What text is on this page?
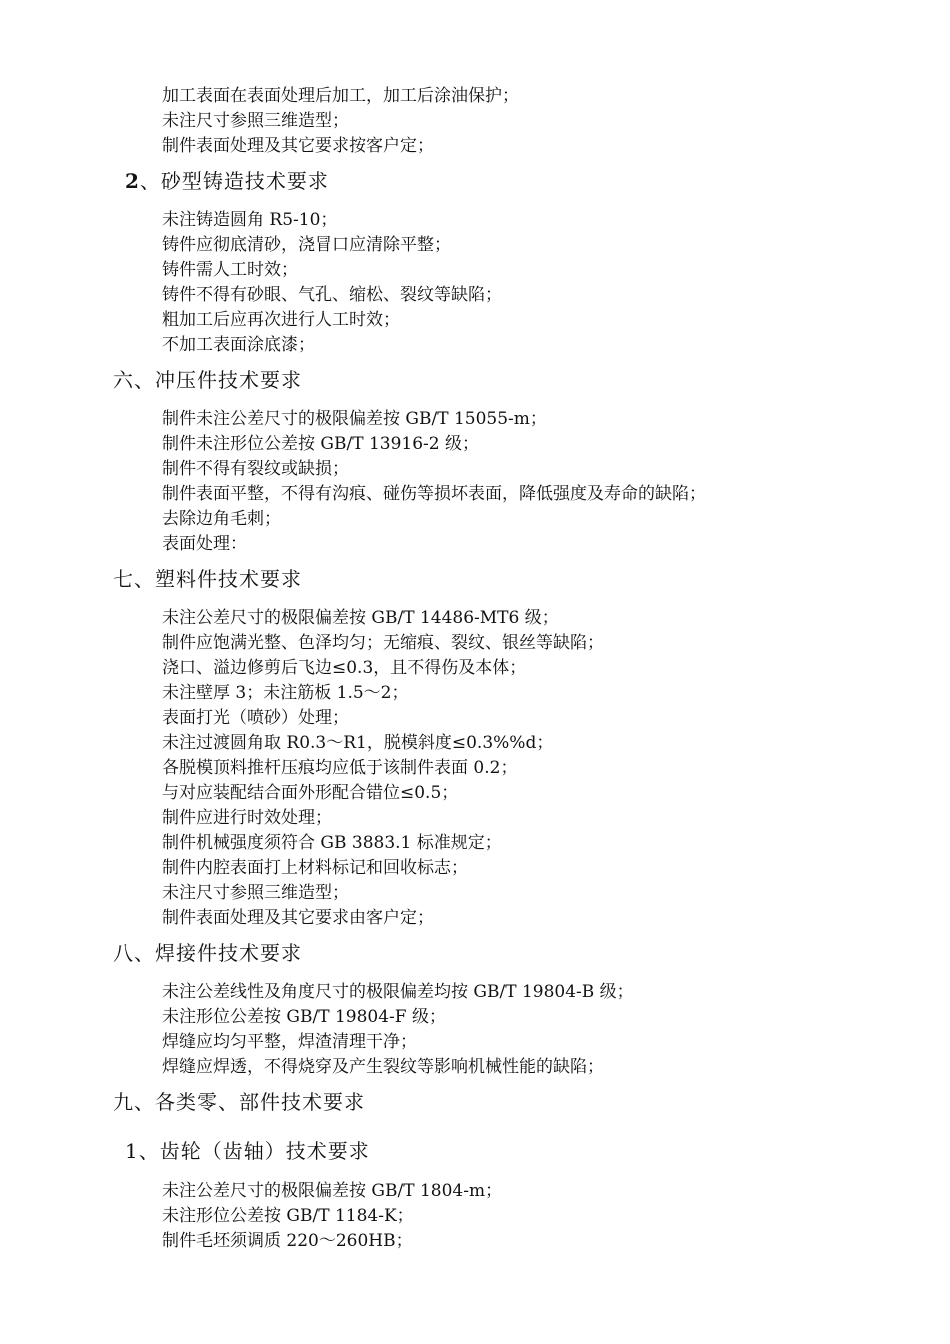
加工表面在表面处理后加工，加工后涂油保护；
未注尺寸参照三维造型；
制件表面处理及其它要求按客户定；
2、砂型铸造技术要求
未注铸造圆角 R5-10；
铸件应彻底清砂，浇冒口应清除平整；
铸件需人工时效；
铸件不得有砂眼、气孔、缩松、裂纹等缺陷；
粗加工后应再次进行人工时效；
不加工表面涂底漆；
六、冲压件技术要求
制件未注公差尺寸的极限偏差按 GB/T 15055-m；
制件未注形位公差按 GB/T 13916-2 级；
制件不得有裂纹或缺损；
制件表面平整，不得有沟痕、碰伤等损坏表面，降低强度及寿命的缺陷；
去除边角毛刺；
表面处理：
七、塑料件技术要求
未注公差尺寸的极限偏差按 GB/T 14486-MT6 级；
制件应饱满光整、色泽均匀；无缩痕、裂纹、银丝等缺陷；
浇口、溢边修剪后飞边≤0.3，且不得伤及本体；
未注壁厚 3；未注筋板 1.5～2；
表面打光（喷砂）处理；
未注过渡圆角取 R0.3～R1，脱模斜度≤0.3%%d；
各脱模顶料推杆压痕均应低于该制件表面 0.2；
与对应装配结合面外形配合错位≤0.5；
制件应进行时效处理；
制件机械强度须符合 GB 3883.1 标准规定；
制件内腔表面打上材料标记和回收标志；
未注尺寸参照三维造型；
制件表面处理及其它要求由客户定；
八、焊接件技术要求
未注公差线性及角度尺寸的极限偏差均按 GB/T 19804-B 级；
未注形位公差按 GB/T 19804-F 级；
焊缝应均匀平整，焊渣清理干净；
焊缝应焊透，不得烧穿及产生裂纹等影响机械性能的缺陷；
九、各类零、部件技术要求
1、齿轮（齿轴）技术要求
未注公差尺寸的极限偏差按 GB/T 1804-m；
未注形位公差按 GB/T 1184-K；
制件毛坯须调质 220～260HB；
